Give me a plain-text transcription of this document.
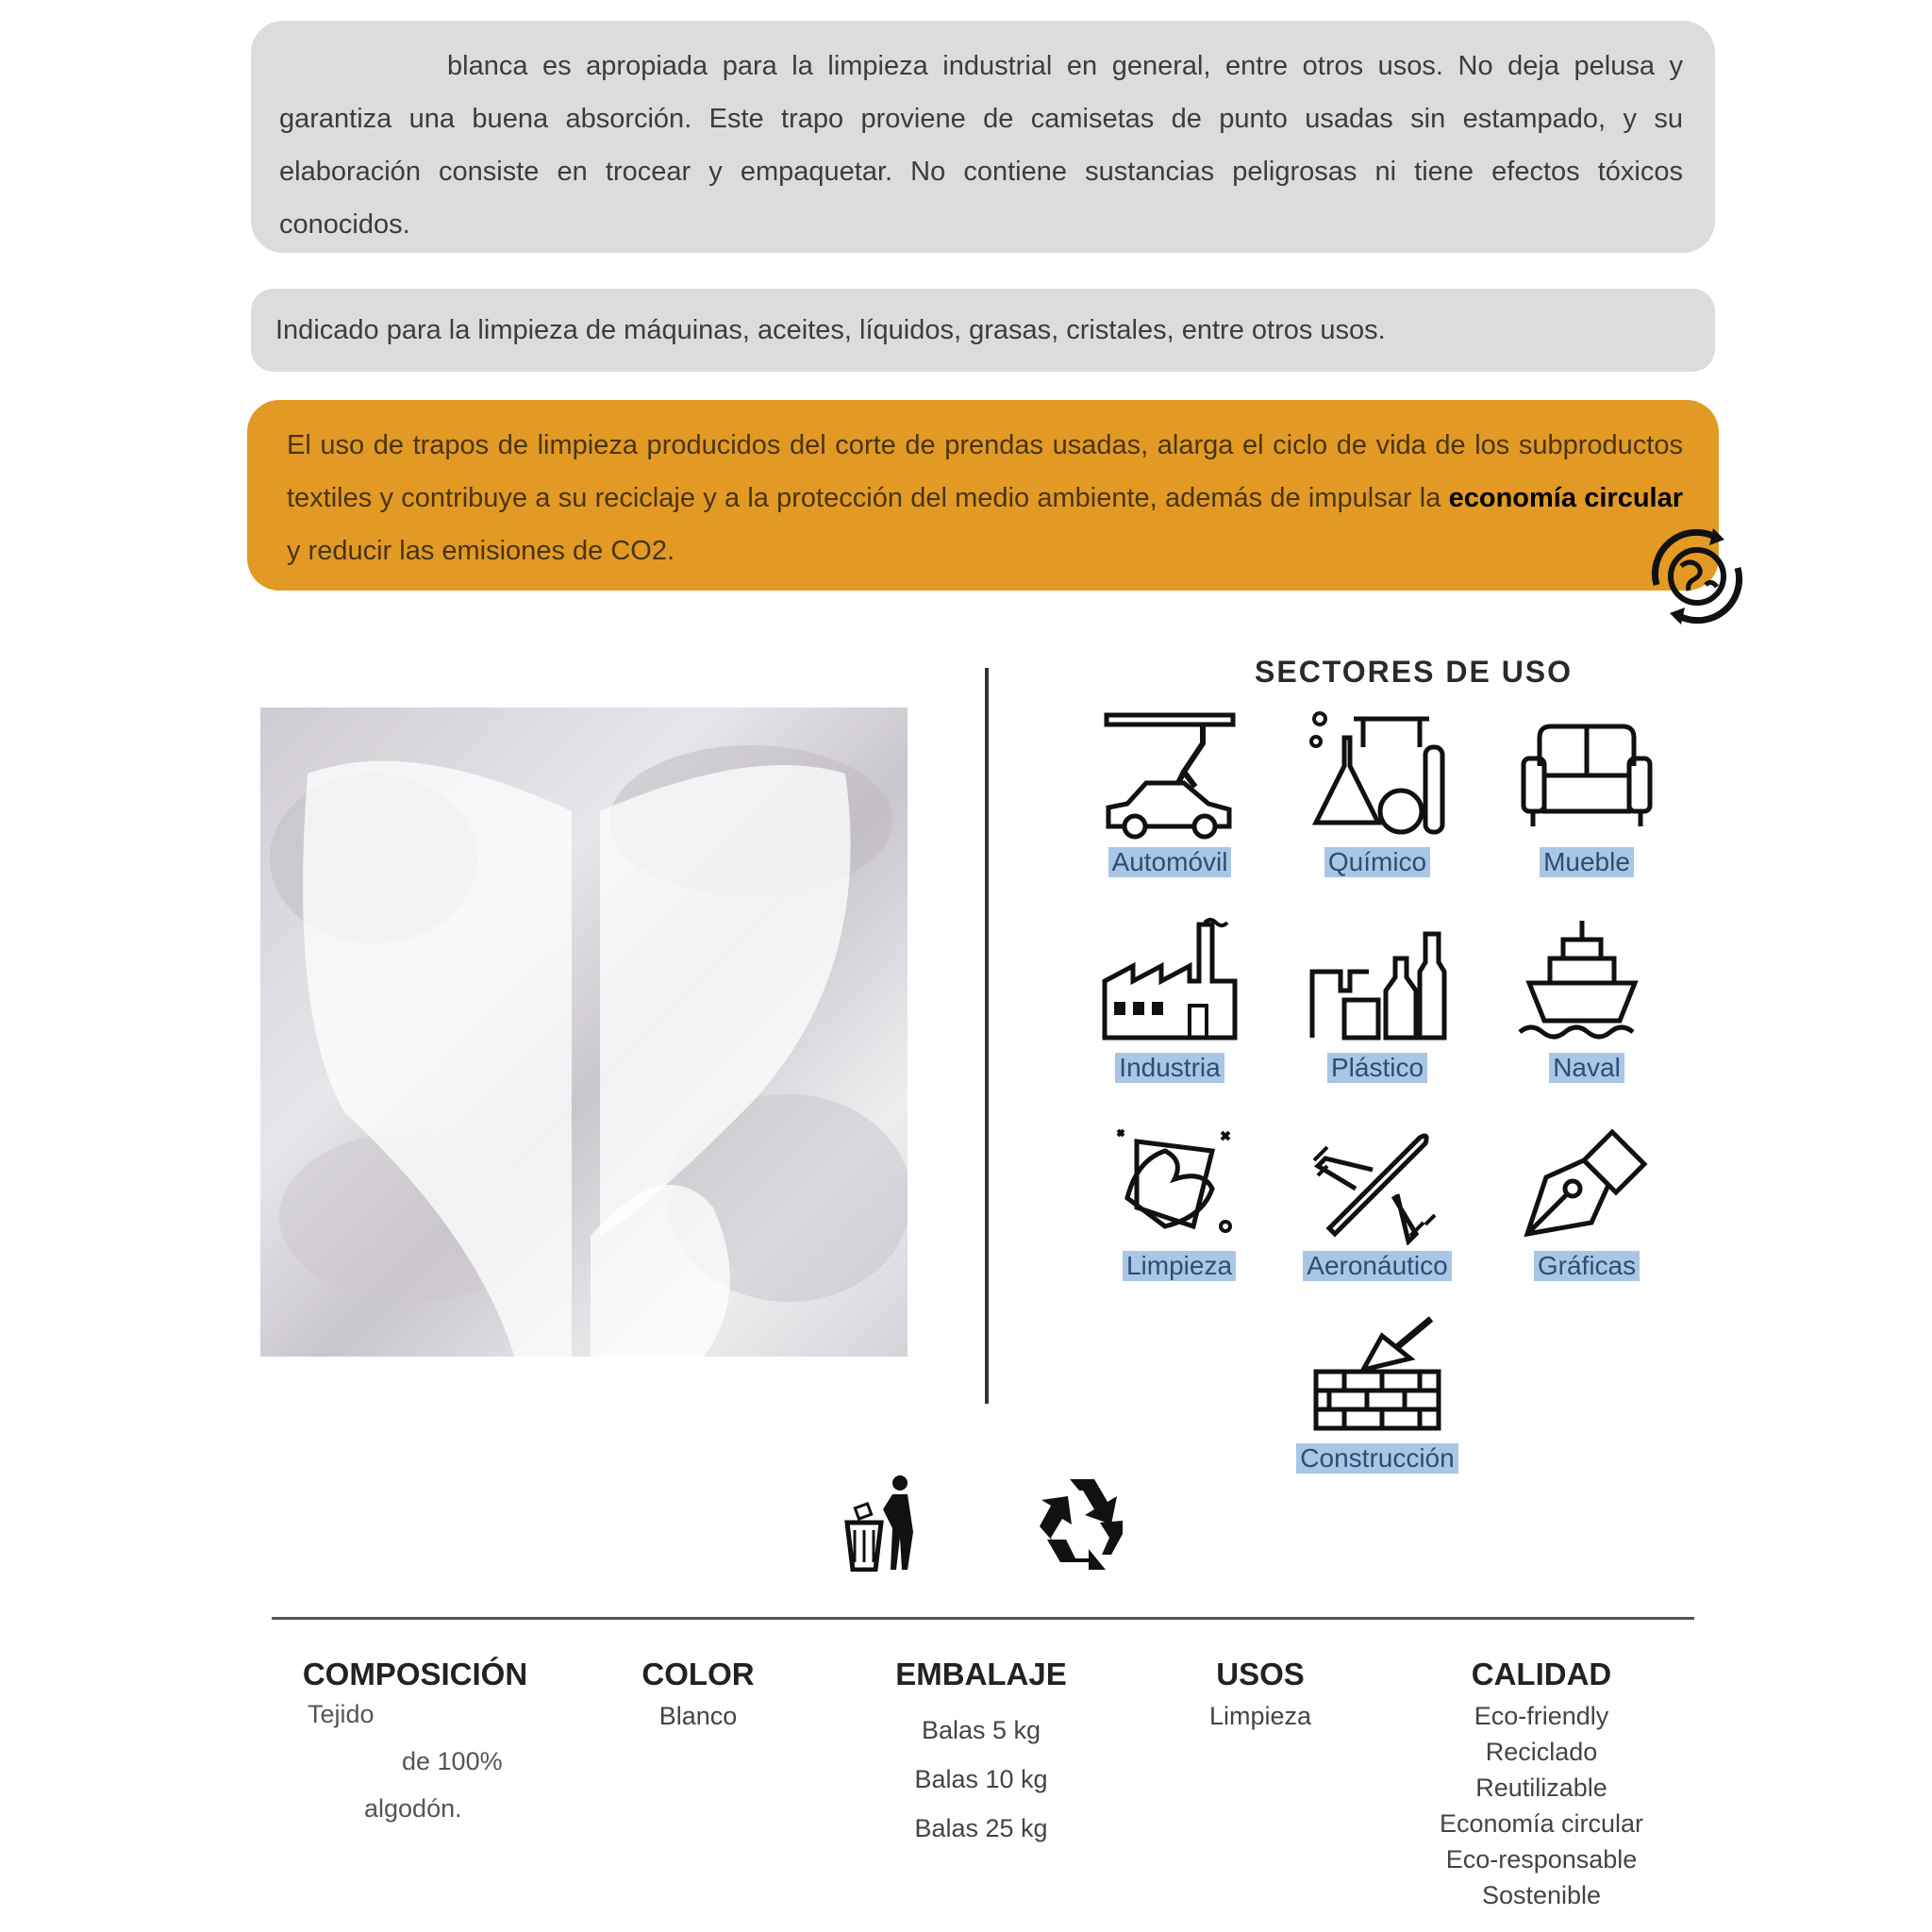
blanca es apropiada para la limpieza industrial en general, entre otros usos. No deja pelusa y garantiza una buena absorción. Este trapo proviene de camisetas de punto usadas sin estampado, y su elaboración consiste en trocear y empaquetar. No contiene sustancias peligrosas ni tiene efectos tóxicos conocidos.
Indicado para la limpieza de máquinas, aceites, líquidos, grasas, cristales, entre otros usos.
El uso de trapos de limpieza producidos del corte de prendas usadas, alarga el ciclo de vida de los subproductos textiles y contribuye a su reciclaje y a la protección del medio ambiente, además de impulsar la economía circular y reducir las emisiones de CO2.
SECTORES DE USO
Automóvil	Químico	Mueble
Industria	Plástico	Naval
Limpieza	Aeronáutico	Gráficas
Construcción
COMPOSICIÓN
Tejido
de 100%
algodón.
COLOR
Blanco
EMBALAJE
Balas 5 kg
Balas 10 kg
Balas 25 kg
USOS
Limpieza
CALIDAD
Eco-friendly
Reciclado
Reutilizable
Economía circular
Eco-responsable
Sostenible
